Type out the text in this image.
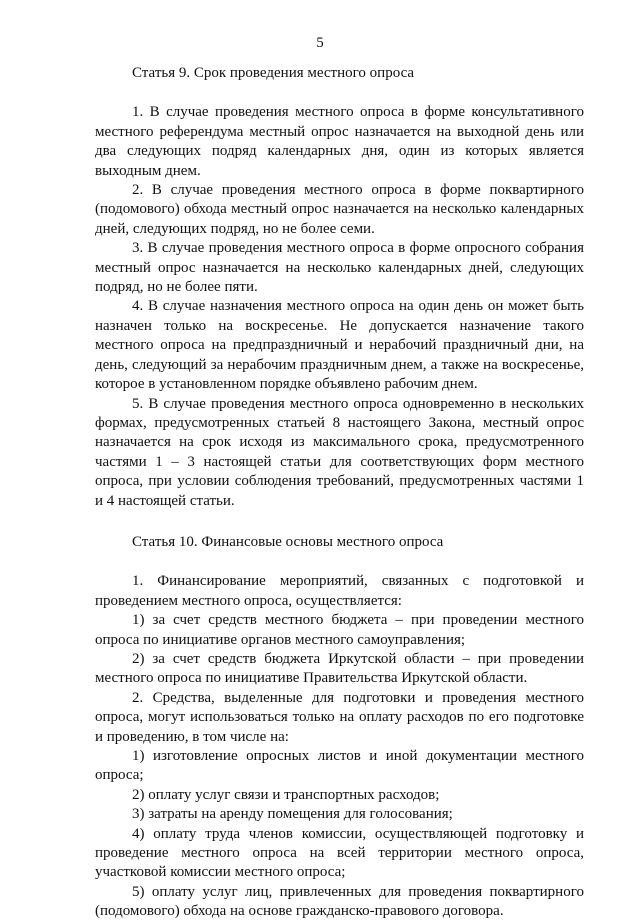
5

Статья 9. Срок проведения местного опроса

1. В случае проведения местного опроса в форме консультативного местного референдума местный опрос назначается на выходной день или два следующих подряд календарных дня, один из которых является выходным днем.

2. В случае проведения местного опроса в форме поквартирного (подомового) обхода местный опрос назначается на несколько календарных дней, следующих подряд, но не более семи.

3. В случае проведения местного опроса в форме опросного собрания местный опрос назначается на несколько календарных дней, следующих подряд, но не более пяти.

4. В случае назначения местного опроса на один день он может быть назначен только на воскресенье. Не допускается назначение такого местного опроса на предпраздничный и нерабочий праздничный дни, на день, следующий за нерабочим праздничным днем, а также на воскресенье, которое в установленном порядке объявлено рабочим днем.

5. В случае проведения местного опроса одновременно в нескольких формах, предусмотренных статьей 8 настоящего Закона, местный опрос назначается на срок исходя из максимального срока, предусмотренного частями 1 – 3 настоящей статьи для соответствующих форм местного опроса, при условии соблюдения требований, предусмотренных частями 1 и 4 настоящей статьи.

Статья 10. Финансовые основы местного опроса

1. Финансирование мероприятий, связанных с подготовкой и проведением местного опроса, осуществляется:

1) за счет средств местного бюджета – при проведении местного опроса по инициативе органов местного самоуправления;

2) за счет средств бюджета Иркутской области – при проведении местного опроса по инициативе Правительства Иркутской области.

2. Средства, выделенные для подготовки и проведения местного опроса, могут использоваться только на оплату расходов по его подготовке и проведению, в том числе на:

1) изготовление опросных листов и иной документации местного опроса;

2) оплату услуг связи и транспортных расходов;

3) затраты на аренду помещения для голосования;

4) оплату труда членов комиссии, осуществляющей подготовку и проведение местного опроса на всей территории местного опроса, участковой комиссии местного опроса;

5) оплату услуг лиц, привлеченных для проведения поквартирного (подомового) обхода на основе гражданско-правового договора.
